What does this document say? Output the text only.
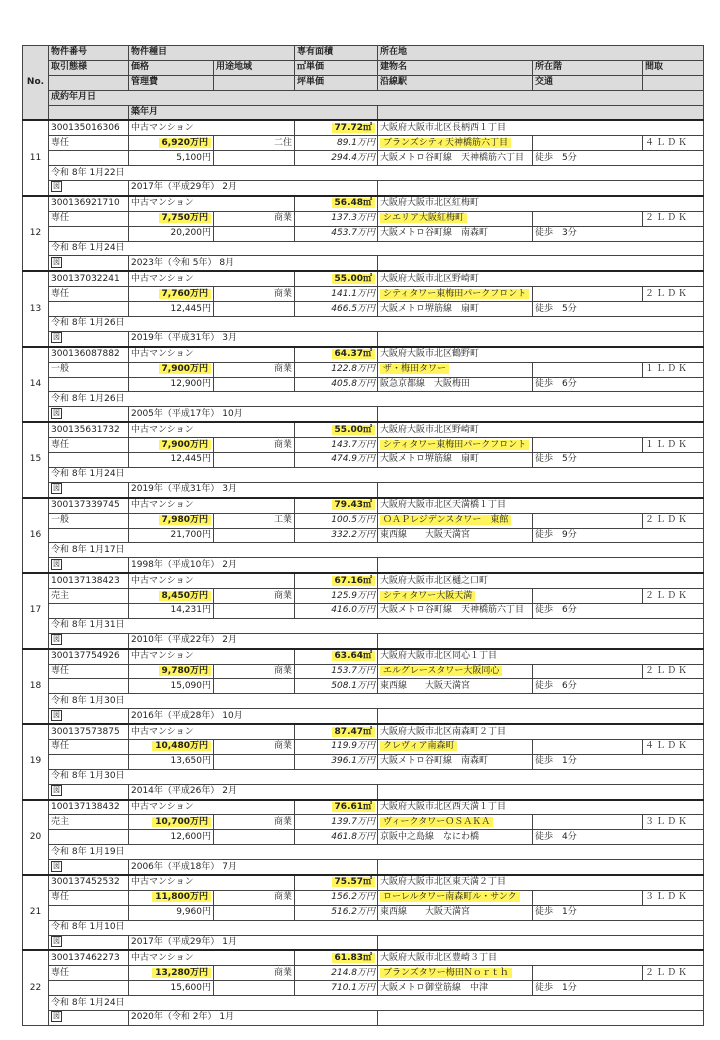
No.	物件番号	物件種目		専有面積	所在地		
	取引態様	価格	用途地域	㎡単価	建物名	所在階	間取
		管理費		坪単価	沿線駅	交通	
	成約年月日						
		築年月					
11	300135016306	中古マンション		77.72㎡	大阪府大阪市北区長柄西１丁目		
	専任	6,920万円	二住	89.1万円	ブランズシティ天神橋筋六丁目		４ＬＤＫ
		5,100円		294.4万円	大阪メトロ谷町線　天神橋筋六丁目	徒歩　5分	
	令和 8年 1月22日						
	図	2017年（平成29年） 2月					
12	300136921710	中古マンション		56.48㎡	大阪府大阪市北区紅梅町		
	専任	7,750万円	商業	137.3万円	シエリア大阪紅梅町		２ＬＤＫ
		20,200円		453.7万円	大阪メトロ谷町線　南森町	徒歩　3分	
	令和 8年 1月24日						
	図	2023年（令和 5年） 8月					
13	300137032241	中古マンション		55.00㎡	大阪府大阪市北区野崎町		
	専任	7,760万円	商業	141.1万円	シティタワー東梅田パークフロント		２ＬＤＫ
		12,445円		466.5万円	大阪メトロ堺筋線　扇町	徒歩　5分	
	令和 8年 1月26日						
	図	2019年（平成31年） 3月					
14	300136087882	中古マンション		64.37㎡	大阪府大阪市北区鶴野町		
	一般	7,900万円	商業	122.8万円	ザ・梅田タワー		１ＬＤＫ
		12,900円		405.8万円	阪急京都線　大阪梅田	徒歩　6分	
	令和 8年 1月26日						
	図	2005年（平成17年） 10月					
15	300135631732	中古マンション		55.00㎡	大阪府大阪市北区野崎町		
	専任	7,900万円	商業	143.7万円	シティタワー東梅田パークフロント		１ＬＤＫ
		12,445円		474.9万円	大阪メトロ堺筋線　扇町	徒歩　5分	
	令和 8年 1月24日						
	図	2019年（平成31年） 3月					
16	300137339745	中古マンション		79.43㎡	大阪府大阪市北区天満橋１丁目		
	一般	7,980万円	工業	100.5万円	ＯＡＰレジデンスタワー　東館		２ＬＤＫ
		21,700円		332.2万円	東西線　　大阪天満宮	徒歩　9分	
	令和 8年 1月17日						
	図	1998年（平成10年） 2月					
17	100137138423	中古マンション		67.16㎡	大阪府大阪市北区樋之口町		
	売主	8,450万円	商業	125.9万円	シティタワー大阪天満		２ＬＤＫ
		14,231円		416.0万円	大阪メトロ谷町線　天神橋筋六丁目	徒歩　6分	
	令和 8年 1月31日						
	図	2010年（平成22年） 2月					
18	300137754926	中古マンション		63.64㎡	大阪府大阪市北区同心１丁目		
	専任	9,780万円	商業	153.7万円	エルグレースタワー大阪同心		２ＬＤＫ
		15,090円		508.1万円	東西線　　大阪天満宮	徒歩　6分	
	令和 8年 1月30日						
	図	2016年（平成28年） 10月					
19	300137573875	中古マンション		87.47㎡	大阪府大阪市北区南森町２丁目		
	専任	10,480万円	商業	119.9万円	クレヴィア南森町		４ＬＤＫ
		13,650円		396.1万円	大阪メトロ谷町線　南森町	徒歩　1分	
	令和 8年 1月30日						
	図	2014年（平成26年） 2月					
20	100137138432	中古マンション		76.61㎡	大阪府大阪市北区西天満１丁目		
	売主	10,700万円	商業	139.7万円	ヴィークタワーＯＳＡＫＡ		３ＬＤＫ
		12,600円		461.8万円	京阪中之島線　なにわ橋	徒歩　4分	
	令和 8年 1月19日						
	図	2006年（平成18年） 7月					
21	300137452532	中古マンション		75.57㎡	大阪府大阪市北区東天満２丁目		
	専任	11,800万円	商業	156.2万円	ローレルタワー南森町ル・サンク		３ＬＤＫ
		9,960円		516.2万円	東西線　　大阪天満宮	徒歩　1分	
	令和 8年 1月10日						
	図	2017年（平成29年） 1月					
22	300137462273	中古マンション		61.83㎡	大阪府大阪市北区豊崎３丁目		
	専任	13,280万円	商業	214.8万円	ブランズタワー梅田Ｎｏｒｔｈ		２ＬＤＫ
		15,600円		710.1万円	大阪メトロ御堂筋線　中津	徒歩　1分	
	令和 8年 1月24日						
	図	2020年（令和 2年） 1月					
